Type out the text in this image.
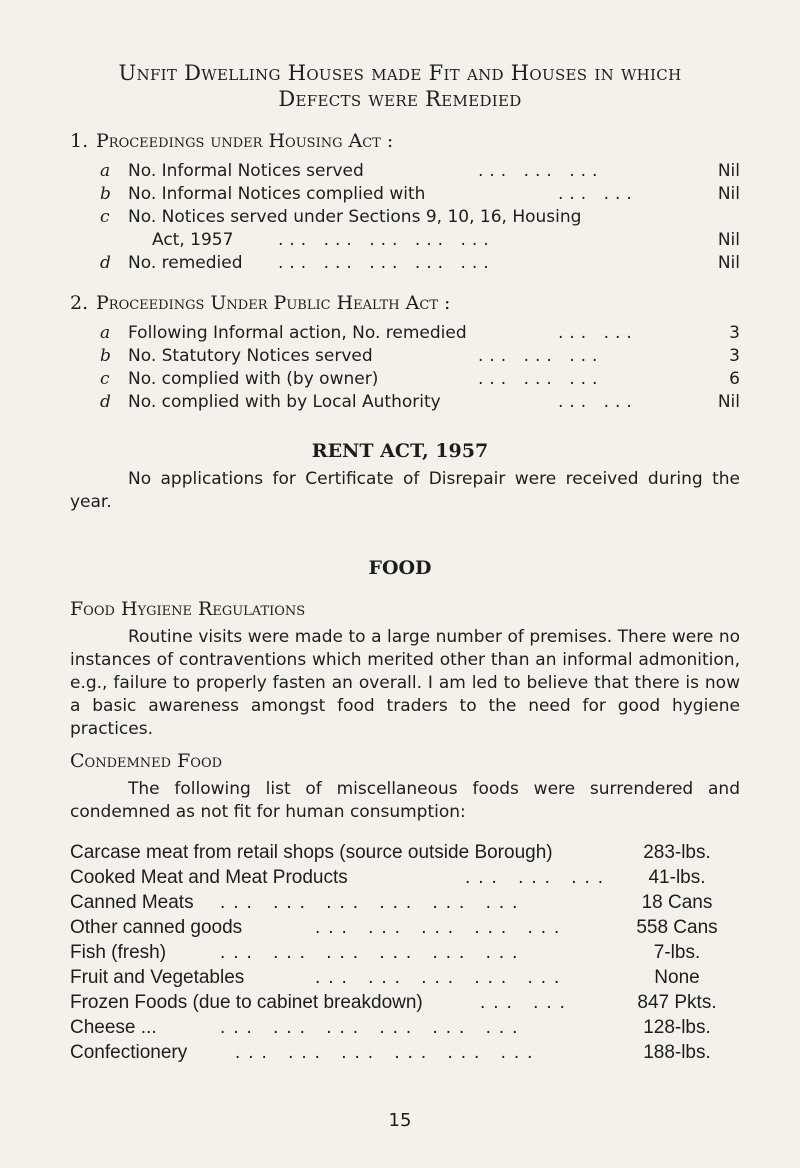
Unfit Dwelling Houses made Fit and Houses in which
Defects were Remedied
1. Proceedings under Housing Act :
a No. Informal Notices served	... ... ...	Nil
b No. Informal Notices complied with	... ...	Nil
c No. Notices served under Sections 9, 10, 16, Housing
Act, 1957	... ... ... ... ...	Nil
d No. remedied ... ... ... ... ...	Nil
2. Proceedings Under Public Health Act :
a Following Informal action, No. remedied	... ...	3
b No. Statutory Notices served	... ... ...	3
c No. complied with (by owner)	... ... ...	6
d No. complied with by Local Authority	... ...	Nil
RENT ACT, 1957
No applications for Certificate of Disrepair were received during the year.
FOOD
Food Hygiene Regulations
Routine visits were made to a large number of premises. There were no instances of contraventions which merited other than an informal admonition, e.g., failure to properly fasten an overall. I am led to believe that there is now a basic awareness amongst food traders to the need for good hygiene practices.
Condemned Food
The following list of miscellaneous foods were surrendered and condemned as not fit for human consumption:
Carcase meat from retail shops (source outside Borough)	283-lbs.
Cooked Meat and Meat Products	... ... ...	41-lbs.
Canned Meats ... ... ... ... ... ...	18 Cans
Other canned goods	... ... ... ... ...	558 Cans
Fish (fresh)	... ... ... ... ... ...	7-lbs.
Fruit and Vegetables	... ... ... ... ...	None
Frozen Foods (due to cabinet breakdown)	... ...	847 Pkts.
Cheese ...	... ... ... ... ... ...	128-lbs.
Confectionery	... ... ... ... ... ...	188-lbs.
15
